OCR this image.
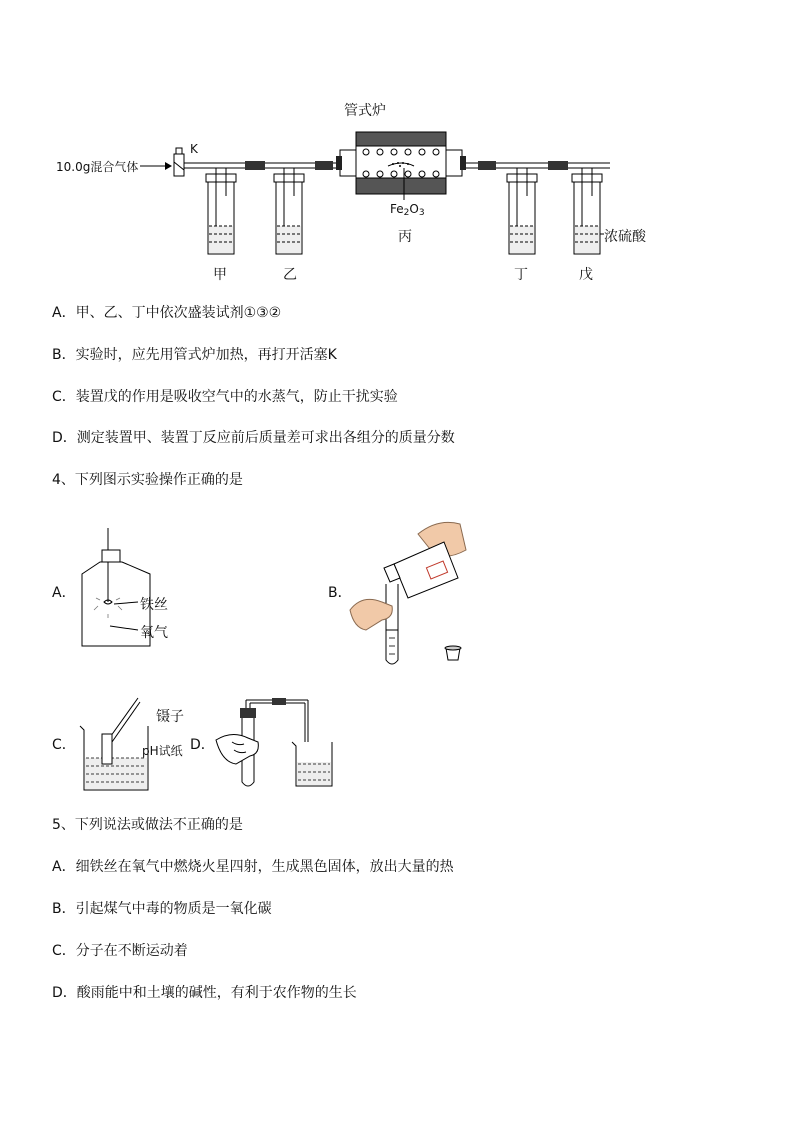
10.0g混合气体
K
管式炉
$Fe_2O_3$
丙
甲	乙	丁	戊
浓硫酸
A．甲、乙、丁中依次盛装试剂①③②
B．实验时，应先用管式炉加热，再打开活塞K
C．装置戊的作用是吸收空气中的水蒸气，防止干扰实验
D．测定装置甲、装置丁反应前后质量差可求出各组分的质量分数
4、下列图示实验操作正确的是
A．
铁丝
氧气
B．
C．
镊子
pH试纸 D．
5、下列说法或做法不正确的是
A．细铁丝在氧气中燃烧火星四射，生成黑色固体，放出大量的热
B．引起煤气中毒的物质是一氧化碳
C．分子在不断运动着
D．酸雨能中和土壤的碱性，有利于农作物的生长
